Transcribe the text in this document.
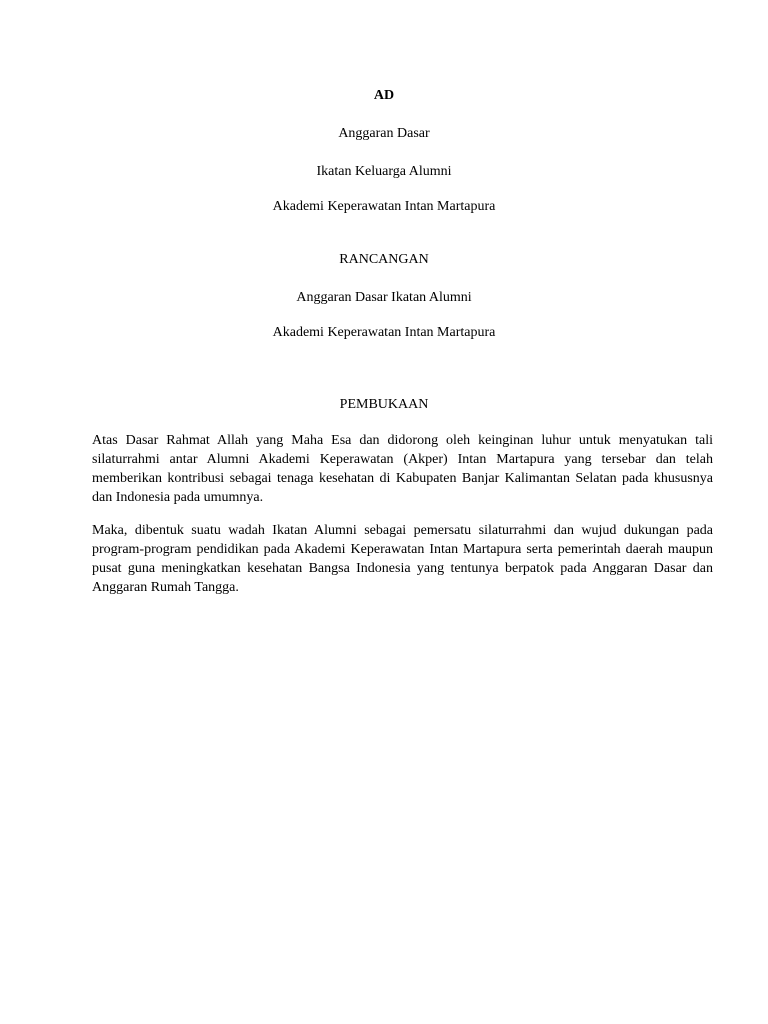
AD

Anggaran Dasar

Ikatan Keluarga Alumni

Akademi Keperawatan Intan Martapura

RANCANGAN

Anggaran Dasar Ikatan Alumni

Akademi Keperawatan Intan Martapura

PEMBUKAAN

Atas Dasar Rahmat Allah yang Maha Esa dan didorong oleh keinginan luhur untuk menyatukan tali silaturrahmi antar Alumni Akademi Keperawatan (Akper) Intan Martapura yang tersebar dan telah memberikan kontribusi sebagai tenaga kesehatan di Kabupaten Banjar Kalimantan Selatan pada khususnya dan Indonesia pada umumnya.

Maka, dibentuk suatu wadah Ikatan Alumni sebagai pemersatu silaturrahmi dan wujud dukungan pada program-program pendidikan pada Akademi Keperawatan Intan Martapura serta pemerintah daerah maupun pusat guna meningkatkan kesehatan Bangsa Indonesia yang tentunya berpatok pada Anggaran Dasar dan Anggaran Rumah Tangga.
